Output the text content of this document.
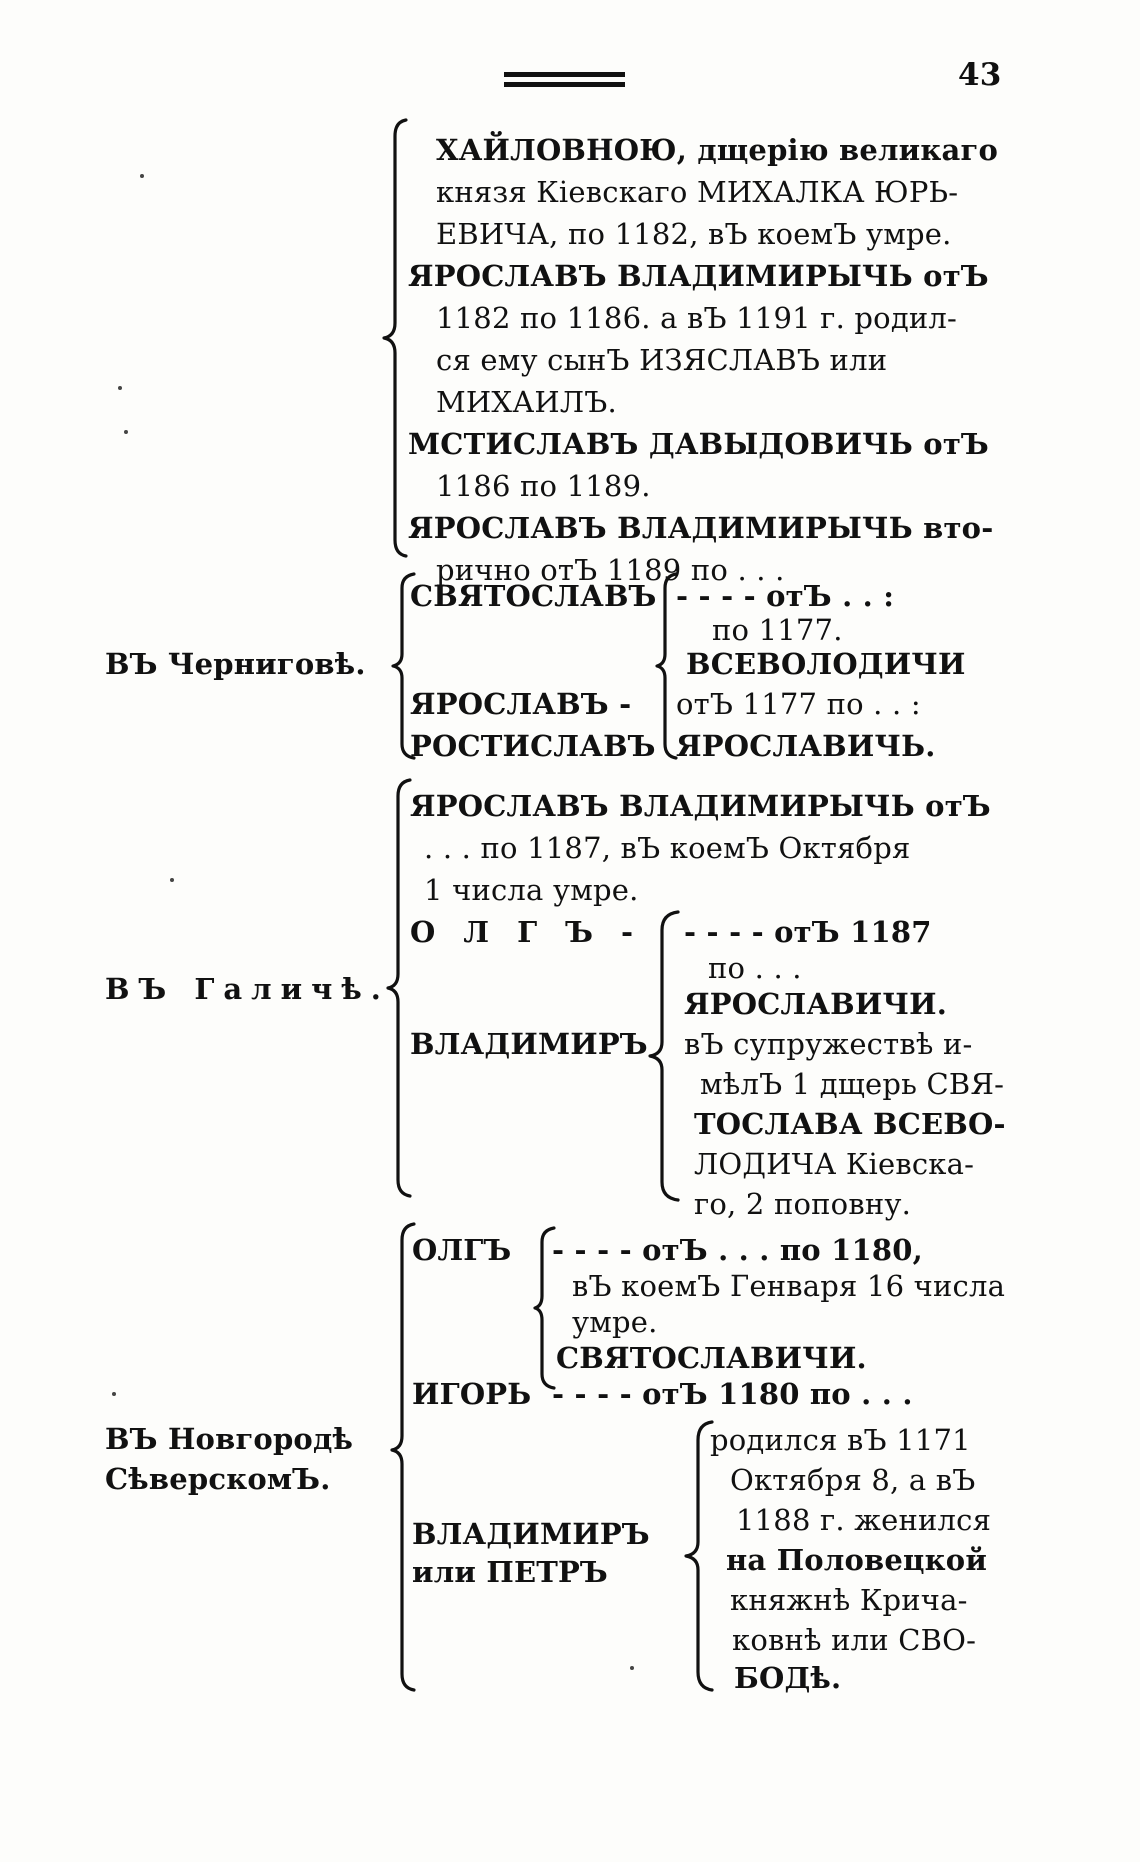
43
ХАЙЛОВНОЮ, дщерію великаго
князя Кіевскаго МИХАЛКА ЮРЬ-
ЕВИЧА, по 1182, вЪ коемЪ умре.
ЯРОСЛАВЪ ВЛАДИМИРЫЧЬ отЪ
1182 по 1186. а вЪ 1191 г. родил-
ся ему сынЪ ИЗЯСЛАВЪ или
МИХАИЛЪ.
МСТИСЛАВЪ ДАВЫДОВИЧЬ отЪ
1186 по 1189.
ЯРОСЛАВЪ ВЛАДИМИРЫЧЬ вто-
рично отЪ 1189 по . . .
ВЪ Черниговѣ.
СВЯТОСЛАВЪ
ЯРОСЛАВЪ -
РОСТИСЛАВЪ
- - - - отЪ . . :
по 1177.
ВСЕВОЛОДИЧИ
отЪ 1177 по . . :
ЯРОСЛАВИЧЬ.
ВЪ Галичѣ.
ЯРОСЛАВЪ ВЛАДИМИРЫЧЬ отЪ
. . . по 1187, вЪ коемЪ Октября
1 числа умре.
О Л Г Ъ - - - - - отЪ 1187
по . . .
ЯРОСЛАВИЧИ.
ВЛАДИМИРЪ вЪ супружествѣ и-
мѣлЪ 1 дщерь СВЯ-
ТОСЛАВА ВСЕВО-
ЛОДИЧА Кіевска-
го, 2 поповну.
ВЪ Новгородѣ
СѣверскомЪ.
ОЛГЪ - - - - отЪ . . . по 1180,
вЪ коемЪ Генваря 16 числа
умре.
СВЯТОСЛАВИЧИ.
ИГОРЬ - - - - отЪ 1180 по . . .
ВЛАДИМИРЪ
или ПЕТРЪ
родился вЪ 1171
Октября 8, а вЪ
1188 г. женился
на Половецкой
княжнѣ Кричa-
ковнѣ или СВО-
БОДѣ.
